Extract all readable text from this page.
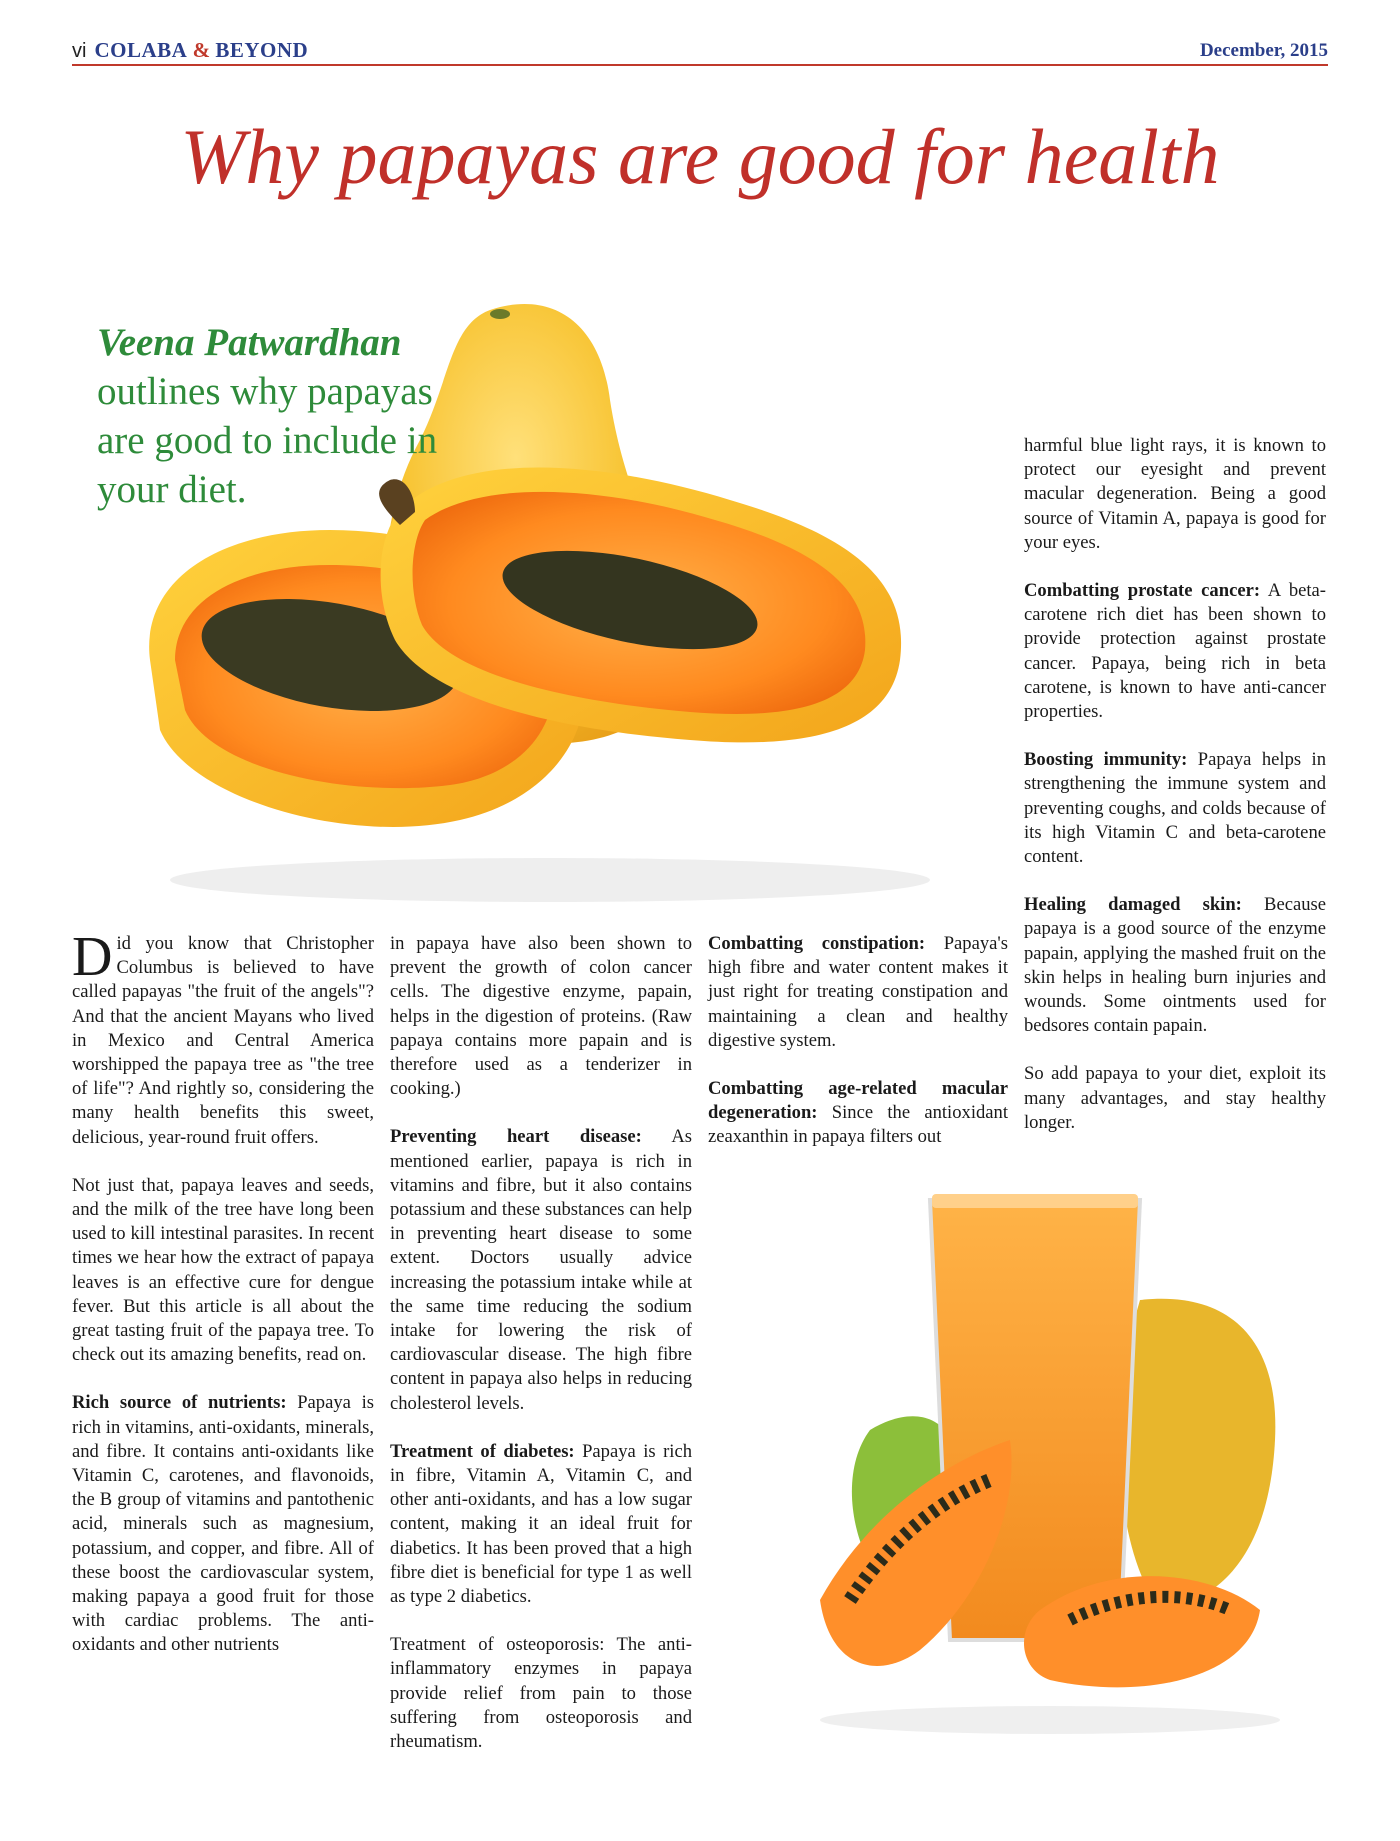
vi COLABA & BEYOND	December, 2015
Why papayas are good for health
Veena Patwardhan
outlines why papayas are good to include in your diet.

Did you know that Christopher Columbus is believed to have called papayas "the fruit of the angels"? And that the ancient Mayans who lived in Mexico and Central America worshipped the papaya tree as "the tree of life"? And rightly so, considering the many health benefits this sweet, delicious, year-round fruit offers.

Not just that, papaya leaves and seeds, and the milk of the tree have long been used to kill intestinal parasites. In recent times we hear how the extract of papaya leaves is an effective cure for dengue fever. But this article is all about the great tasting fruit of the papaya tree. To check out its amazing benefits, read on.

Rich source of nutrients: Papaya is rich in vitamins, anti-oxidants, minerals, and fibre. It contains anti-oxidants like Vitamin C, carotenes, and flavonoids, the B group of vitamins and pantothenic acid, minerals such as magnesium, potassium, and copper, and fibre. All of these boost the cardiovascular system, making papaya a good fruit for those with cardiac problems. The anti-oxidants and other nutrients

in papaya have also been shown to prevent the growth of colon cancer cells. The digestive enzyme, papain, helps in the digestion of proteins. (Raw papaya contains more papain and is therefore used as a tenderizer in cooking.)

Preventing heart disease: As mentioned earlier, papaya is rich in vitamins and fibre, but it also contains potassium and these substances can help in preventing heart disease to some extent. Doctors usually advice increasing the potassium intake while at the same time reducing the sodium intake for lowering the risk of cardiovascular disease. The high fibre content in papaya also helps in reducing cholesterol levels.

Treatment of diabetes: Papaya is rich in fibre, Vitamin A, Vitamin C, and other anti-oxidants, and has a low sugar content, making it an ideal fruit for diabetics. It has been proved that a high fibre diet is beneficial for type 1 as well as type 2 diabetics.

Treatment of osteoporosis: The anti-inflammatory enzymes in papaya provide relief from pain to those suffering from osteoporosis and rheumatism.

Combatting constipation: Papaya's high fibre and water content makes it just right for treating constipation and maintaining a clean and healthy digestive system.

Combatting age-related macular degeneration: Since the antioxidant zeaxanthin in papaya filters out

harmful blue light rays, it is known to protect our eyesight and prevent macular degeneration. Being a good source of Vitamin A, papaya is good for your eyes.

Combatting prostate cancer: A beta-carotene rich diet has been shown to provide protection against prostate cancer. Papaya, being rich in beta carotene, is known to have anti-cancer properties.

Boosting immunity: Papaya helps in strengthening the immune system and preventing coughs, and colds because of its high Vitamin C and beta-carotene content.

Healing damaged skin: Because papaya is a good source of the enzyme papain, applying the mashed fruit on the skin helps in healing burn injuries and wounds. Some ointments used for bedsores contain papain.

So add papaya to your diet, exploit its many advantages, and stay healthy longer.
